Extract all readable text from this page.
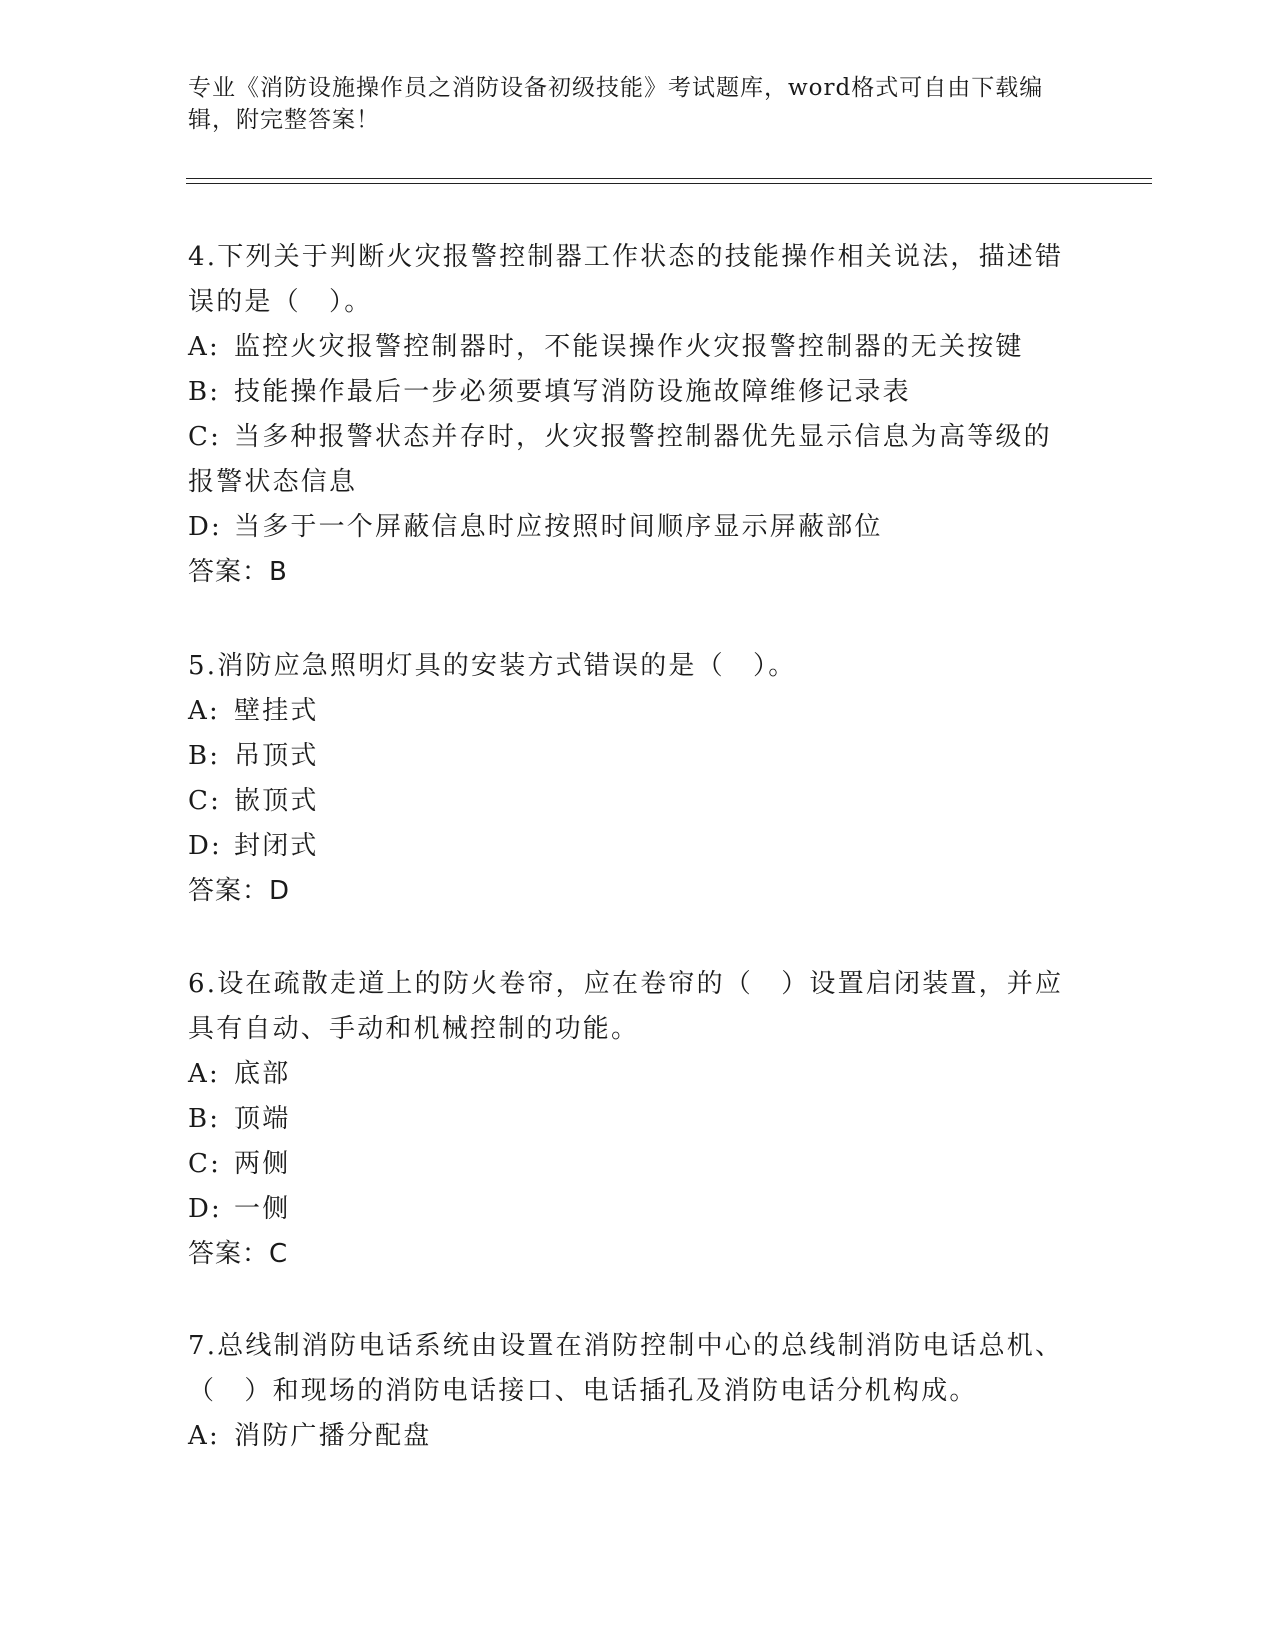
专业《消防设施操作员之消防设备初级技能》考试题库，word格式可自由下载编辑，附完整答案！

4.下列关于判断火灾报警控制器工作状态的技能操作相关说法，描述错误的是（　）。

A: 监控火灾报警控制器时，不能误操作火灾报警控制器的无关按键

B: 技能操作最后一步必须要填写消防设施故障维修记录表

C: 当多种报警状态并存时，火灾报警控制器优先显示信息为高等级的报警状态信息

D: 当多于一个屏蔽信息时应按照时间顺序显示屏蔽部位

答案：B

5.消防应急照明灯具的安装方式错误的是（　）。

A: 壁挂式

B: 吊顶式

C: 嵌顶式

D: 封闭式

答案：D

6.设在疏散走道上的防火卷帘，应在卷帘的（　）设置启闭装置，并应具有自动、手动和机械控制的功能。

A: 底部

B: 顶端

C: 两侧

D: 一侧

答案：C

7.总线制消防电话系统由设置在消防控制中心的总线制消防电话总机、（　）和现场的消防电话接口、电话插孔及消防电话分机构成。

A: 消防广播分配盘
